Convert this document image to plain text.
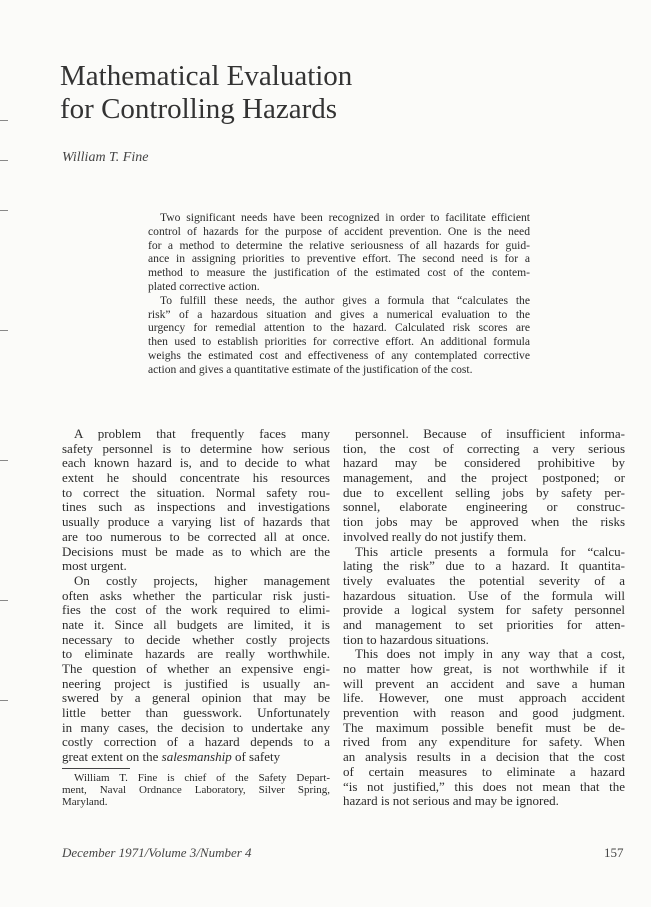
Mathematical Evaluation
for Controlling Hazards
William T. Fine
Two significant needs have been recognized in order to facilitate efficient
control of hazards for the purpose of accident prevention. One is the need
for a method to determine the relative seriousness of all hazards for guid-
ance in assigning priorities to preventive effort. The second need is for a
method to measure the justification of the estimated cost of the contem-
plated corrective action.
To fulfill these needs, the author gives a formula that “calculates the
risk” of a hazardous situation and gives a numerical evaluation to the
urgency for remedial attention to the hazard. Calculated risk scores are
then used to establish priorities for corrective effort. An additional formula
weighs the estimated cost and effectiveness of any contemplated corrective
action and gives a quantitative estimate of the justification of the cost.
A problem that frequently faces many
safety personnel is to determine how serious
each known hazard is, and to decide to what
extent he should concentrate his resources
to correct the situation. Normal safety rou-
tines such as inspections and investigations
usually produce a varying list of hazards that
are too numerous to be corrected all at once.
Decisions must be made as to which are the
most urgent.
On costly projects, higher management
often asks whether the particular risk justi-
fies the cost of the work required to elimi-
nate it. Since all budgets are limited, it is
necessary to decide whether costly projects
to eliminate hazards are really worthwhile.
The question of whether an expensive engi-
neering project is justified is usually an-
swered by a general opinion that may be
little better than guesswork. Unfortunately
in many cases, the decision to undertake any
costly correction of a hazard depends to a
great extent on the salesmanship of safety
William T. Fine is chief of the Safety Depart-
ment, Naval Ordnance Laboratory, Silver Spring,
Maryland.
personnel. Because of insufficient informa-
tion, the cost of correcting a very serious
hazard may be considered prohibitive by
management, and the project postponed; or
due to excellent selling jobs by safety per-
sonnel, elaborate engineering or construc-
tion jobs may be approved when the risks
involved really do not justify them.
This article presents a formula for “calcu-
lating the risk” due to a hazard. It quantita-
tively evaluates the potential severity of a
hazardous situation. Use of the formula will
provide a logical system for safety personnel
and management to set priorities for atten-
tion to hazardous situations.
This does not imply in any way that a cost,
no matter how great, is not worthwhile if it
will prevent an accident and save a human
life. However, one must approach accident
prevention with reason and good judgment.
The maximum possible benefit must be de-
rived from any expenditure for safety. When
an analysis results in a decision that the cost
of certain measures to eliminate a hazard
“is not justified,” this does not mean that the
hazard is not serious and may be ignored.
December 1971/Volume 3/Number 4	157
